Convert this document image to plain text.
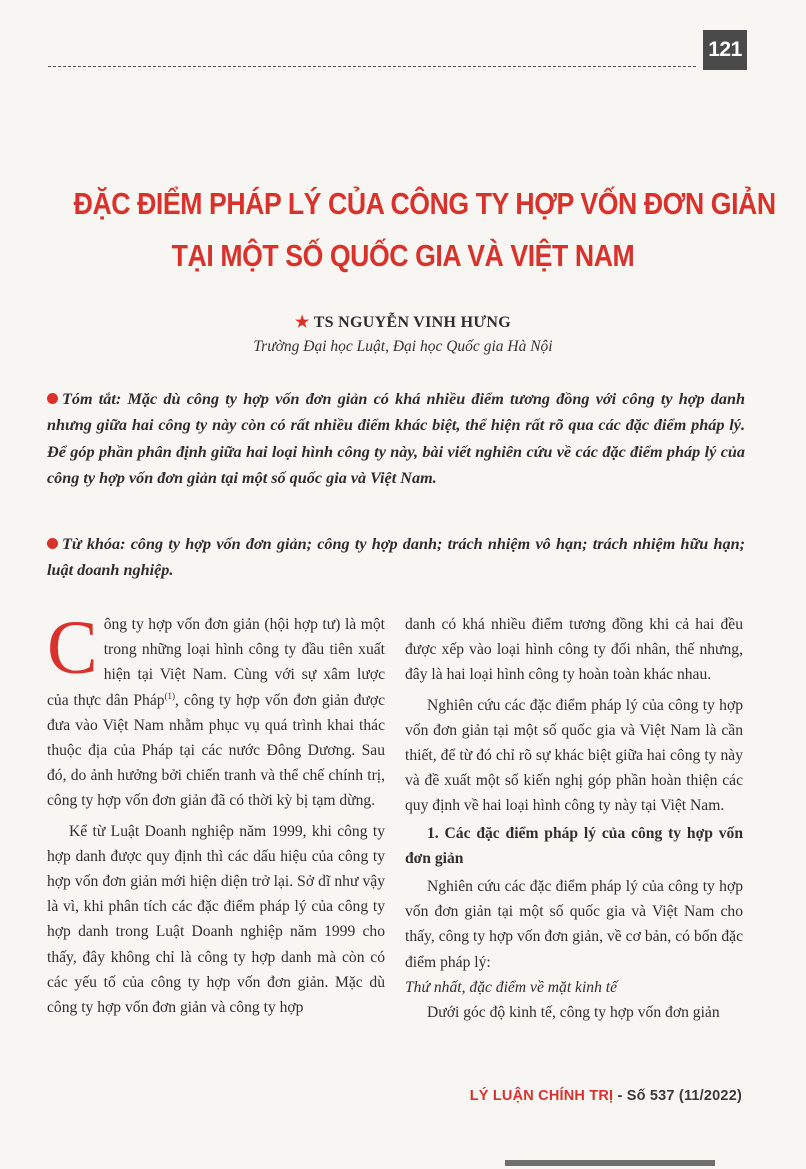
121
ĐẶC ĐIỂM PHÁP LÝ CỦA CÔNG TY HỢP VỐN ĐƠN GIẢN
TẠI MỘT SỐ QUỐC GIA VÀ VIỆT NAM
★ TS NGUYỄN VINH HƯNG
Trường Đại học Luật, Đại học Quốc gia Hà Nội
Tóm tắt: Mặc dù công ty hợp vốn đơn giản có khá nhiều điểm tương đồng với công ty hợp danh nhưng giữa hai công ty này còn có rất nhiều điểm khác biệt, thể hiện rất rõ qua các đặc điểm pháp lý. Để góp phần phân định giữa hai loại hình công ty này, bài viết nghiên cứu về các đặc điểm pháp lý của công ty hợp vốn đơn giản tại một số quốc gia và Việt Nam.
Từ khóa: công ty hợp vốn đơn giản; công ty hợp danh; trách nhiệm vô hạn; trách nhiệm hữu hạn; luật doanh nghiệp.

Công ty hợp vốn đơn giản (hội hợp tư) là một trong những loại hình công ty đầu tiên xuất hiện tại Việt Nam. Cùng với sự xâm lược của thực dân Pháp$^{(1)}$, công ty hợp vốn đơn giản được đưa vào Việt Nam nhằm phục vụ quá trình khai thác thuộc địa của Pháp tại các nước Đông Dương. Sau đó, do ảnh hưởng bởi chiến tranh và thể chế chính trị, công ty hợp vốn đơn giản đã có thời kỳ bị tạm dừng.

Kể từ Luật Doanh nghiệp năm 1999, khi công ty hợp danh được quy định thì các dấu hiệu của công ty hợp vốn đơn giản mới hiện diện trở lại. Sở dĩ như vậy là vì, khi phân tích các đặc điểm pháp lý của công ty hợp danh trong Luật Doanh nghiệp năm 1999 cho thấy, đây không chỉ là công ty hợp danh mà còn có các yếu tố của công ty hợp vốn đơn giản. Mặc dù công ty hợp vốn đơn giản và công ty hợp

danh có khá nhiều điểm tương đồng khi cả hai đều được xếp vào loại hình công ty đối nhân, thế nhưng, đây là hai loại hình công ty hoàn toàn khác nhau.

Nghiên cứu các đặc điểm pháp lý của công ty hợp vốn đơn giản tại một số quốc gia và Việt Nam là cần thiết, để từ đó chỉ rõ sự khác biệt giữa hai công ty này và đề xuất một số kiến nghị góp phần hoàn thiện các quy định về hai loại hình công ty này tại Việt Nam.

1. Các đặc điểm pháp lý của công ty hợp vốn đơn giản

Nghiên cứu các đặc điểm pháp lý của công ty hợp vốn đơn giản tại một số quốc gia và Việt Nam cho thấy, công ty hợp vốn đơn giản, về cơ bản, có bốn đặc điểm pháp lý:

Thứ nhất, đặc điểm về mặt kinh tế

Dưới góc độ kinh tế, công ty hợp vốn đơn giản

LÝ LUẬN CHÍNH TRỊ - Số 537 (11/2022)
